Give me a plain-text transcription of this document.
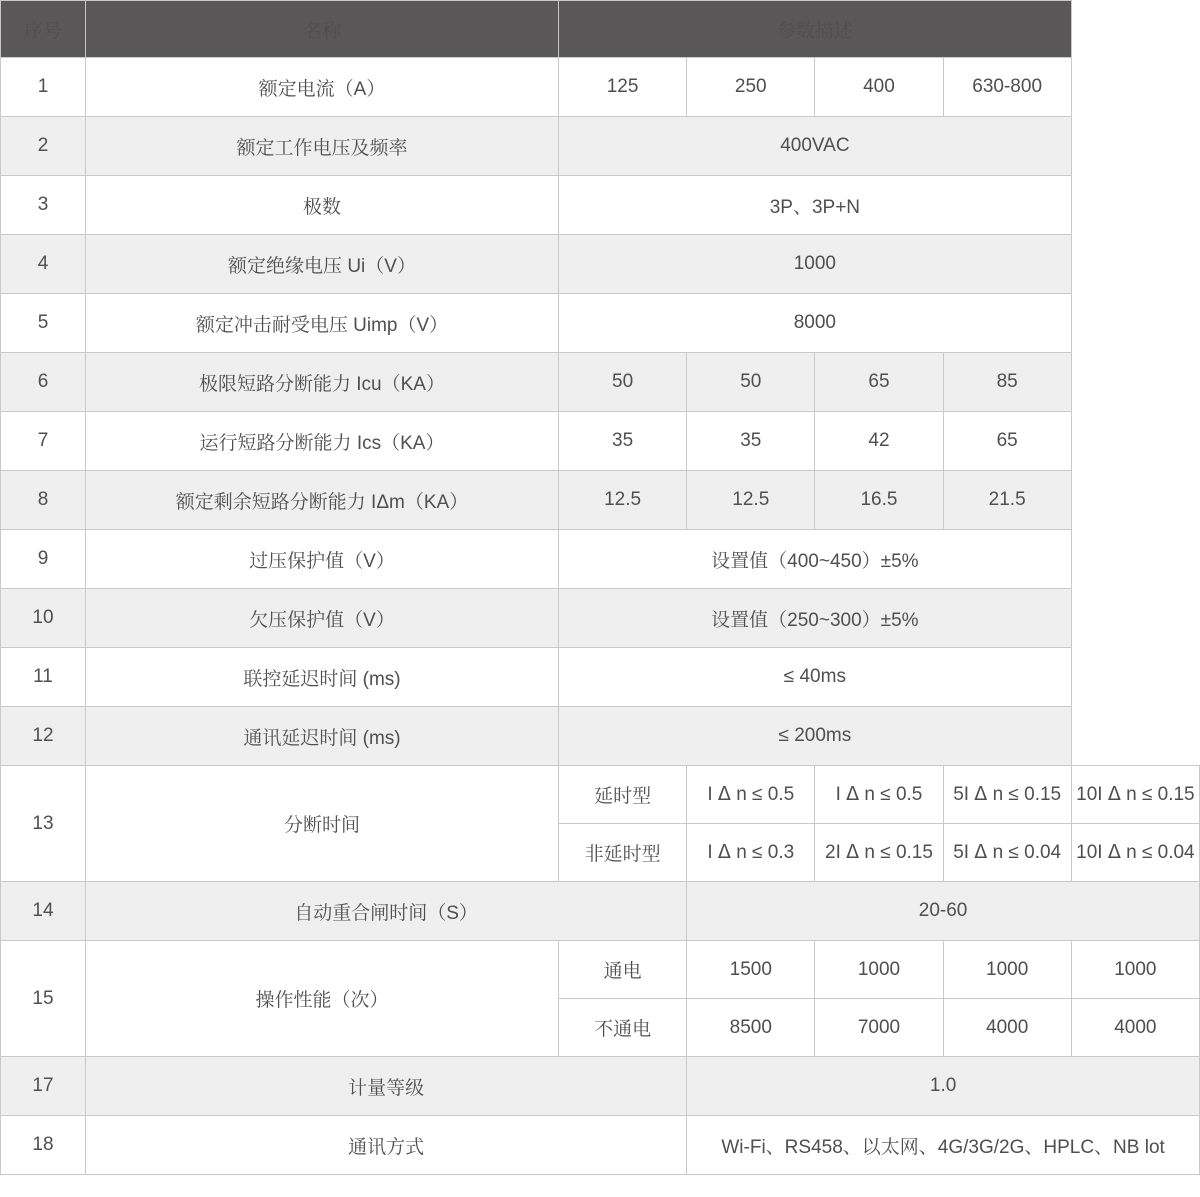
序号	名称	参数描述				
1	额定电流（A）	125	250	400	630-800	
2	额定工作电压及频率	400VAC				
3	极数	3P、3P+N				
4	额定绝缘电压 Ui（V）	1000				
5	额定冲击耐受电压 Uimp（V）	8000				
6	极限短路分断能力 Icu（KA）	50	50	65	85	
7	运行短路分断能力 Ics（KA）	35	35	42	65	
8	额定剩余短路分断能力 IΔm（KA）	12.5	12.5	16.5	21.5	
9	过压保护值（V）	设置值（400~450）±5%				
10	欠压保护值（V）	设置值（250~300）±5%				
11	联控延迟时间 (ms)	≤ 40ms				
12	通讯延迟时间 (ms)	≤ 200ms				
13	分断时间	延时型	I ᐃ n ≤ 0.5	I ᐃ n ≤ 0.5	5I ᐃ n ≤ 0.15	10I ᐃ n ≤ 0.15
		非延时型	I ᐃ n ≤ 0.3	2I ᐃ n ≤ 0.15	5I ᐃ n ≤ 0.04	10I ᐃ n ≤ 0.04
14	自动重合闸时间（S）		20-60			
15	操作性能（次）	通电	1500	1000	1000	1000
		不通电	8500	7000	4000	4000
17	计量等级		1.0			
18	通讯方式		Wi-Fi、RS458、以太网、4G/3G/2G、HPLC、NB lot			
